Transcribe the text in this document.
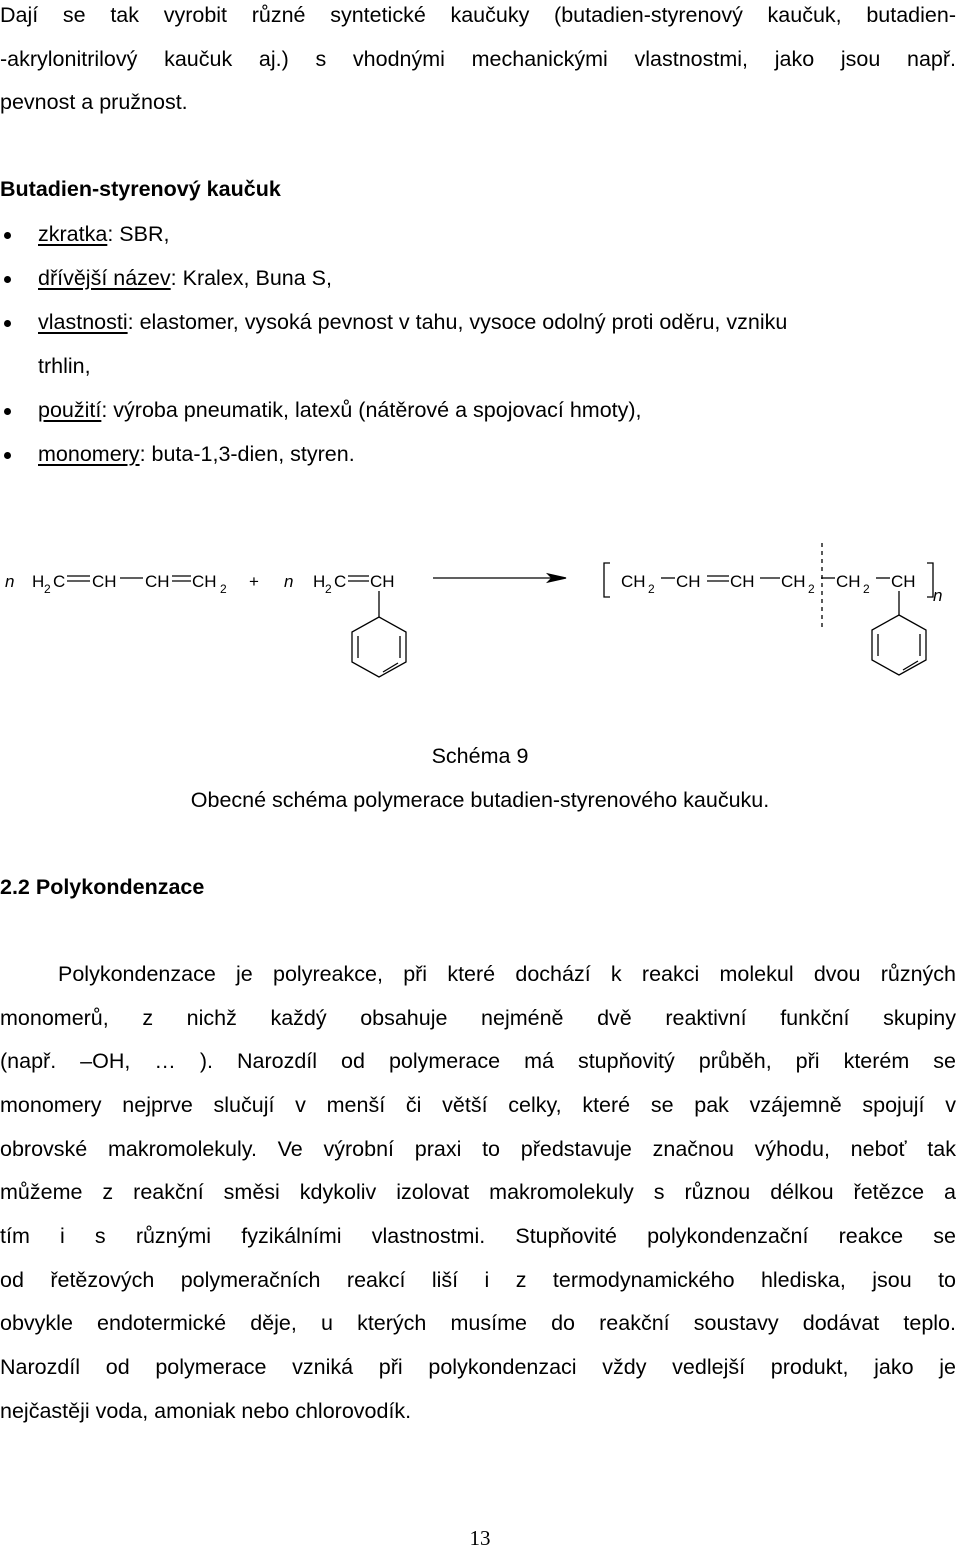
Dají se tak vyrobit různé syntetické kaučuky (butadien-styrenový kaučuk, butadien-
-akrylonitrilový kaučuk aj.) s vhodnými mechanickými vlastnostmi, jako jsou např.
pevnost a pružnost.
Butadien-styrenový kaučuk
zkratka: SBR,
dřívější název: Kralex, Buna S,
vlastnosti: elastomer, vysoká pevnost v tahu, vysoce odolný proti oděru, vzniku
trhlin,
použití: výroba pneumatik, latexů (nátěrové a spojovací hmoty),
monomery: buta-1,3-dien, styren.
n H 2 C CH CH CH 2 + n H 2 C CH	CH 2 CH CH CH 2 CH 2 CH
n
Schéma 9
Obecné schéma polymerace butadien-styrenového kaučuku.
2.2 Polykondenzace
Polykondenzace je polyreakce, při které dochází k reakci molekul dvou různých
monomerů, z nichž každý obsahuje nejméně dvě reaktivní funkční skupiny
(např. –OH, … ). Narozdíl od polymerace má stupňovitý průběh, při kterém se
monomery nejprve slučují v menší či větší celky, které se pak vzájemně spojují v
obrovské makromolekuly. Ve výrobní praxi to představuje značnou výhodu, neboť tak
můžeme z reakční směsi kdykoliv izolovat makromolekuly s různou délkou řetězce a
tím i s různými fyzikálními vlastnostmi. Stupňovité polykondenzační reakce se
od řetězových polymeračních reakcí liší i z termodynamického hlediska, jsou to
obvykle endotermické děje, u kterých musíme do reakční soustavy dodávat teplo.
Narozdíl od polymerace vzniká při polykondenzaci vždy vedlejší produkt, jako je
nejčastěji voda, amoniak nebo chlorovodík.
13
